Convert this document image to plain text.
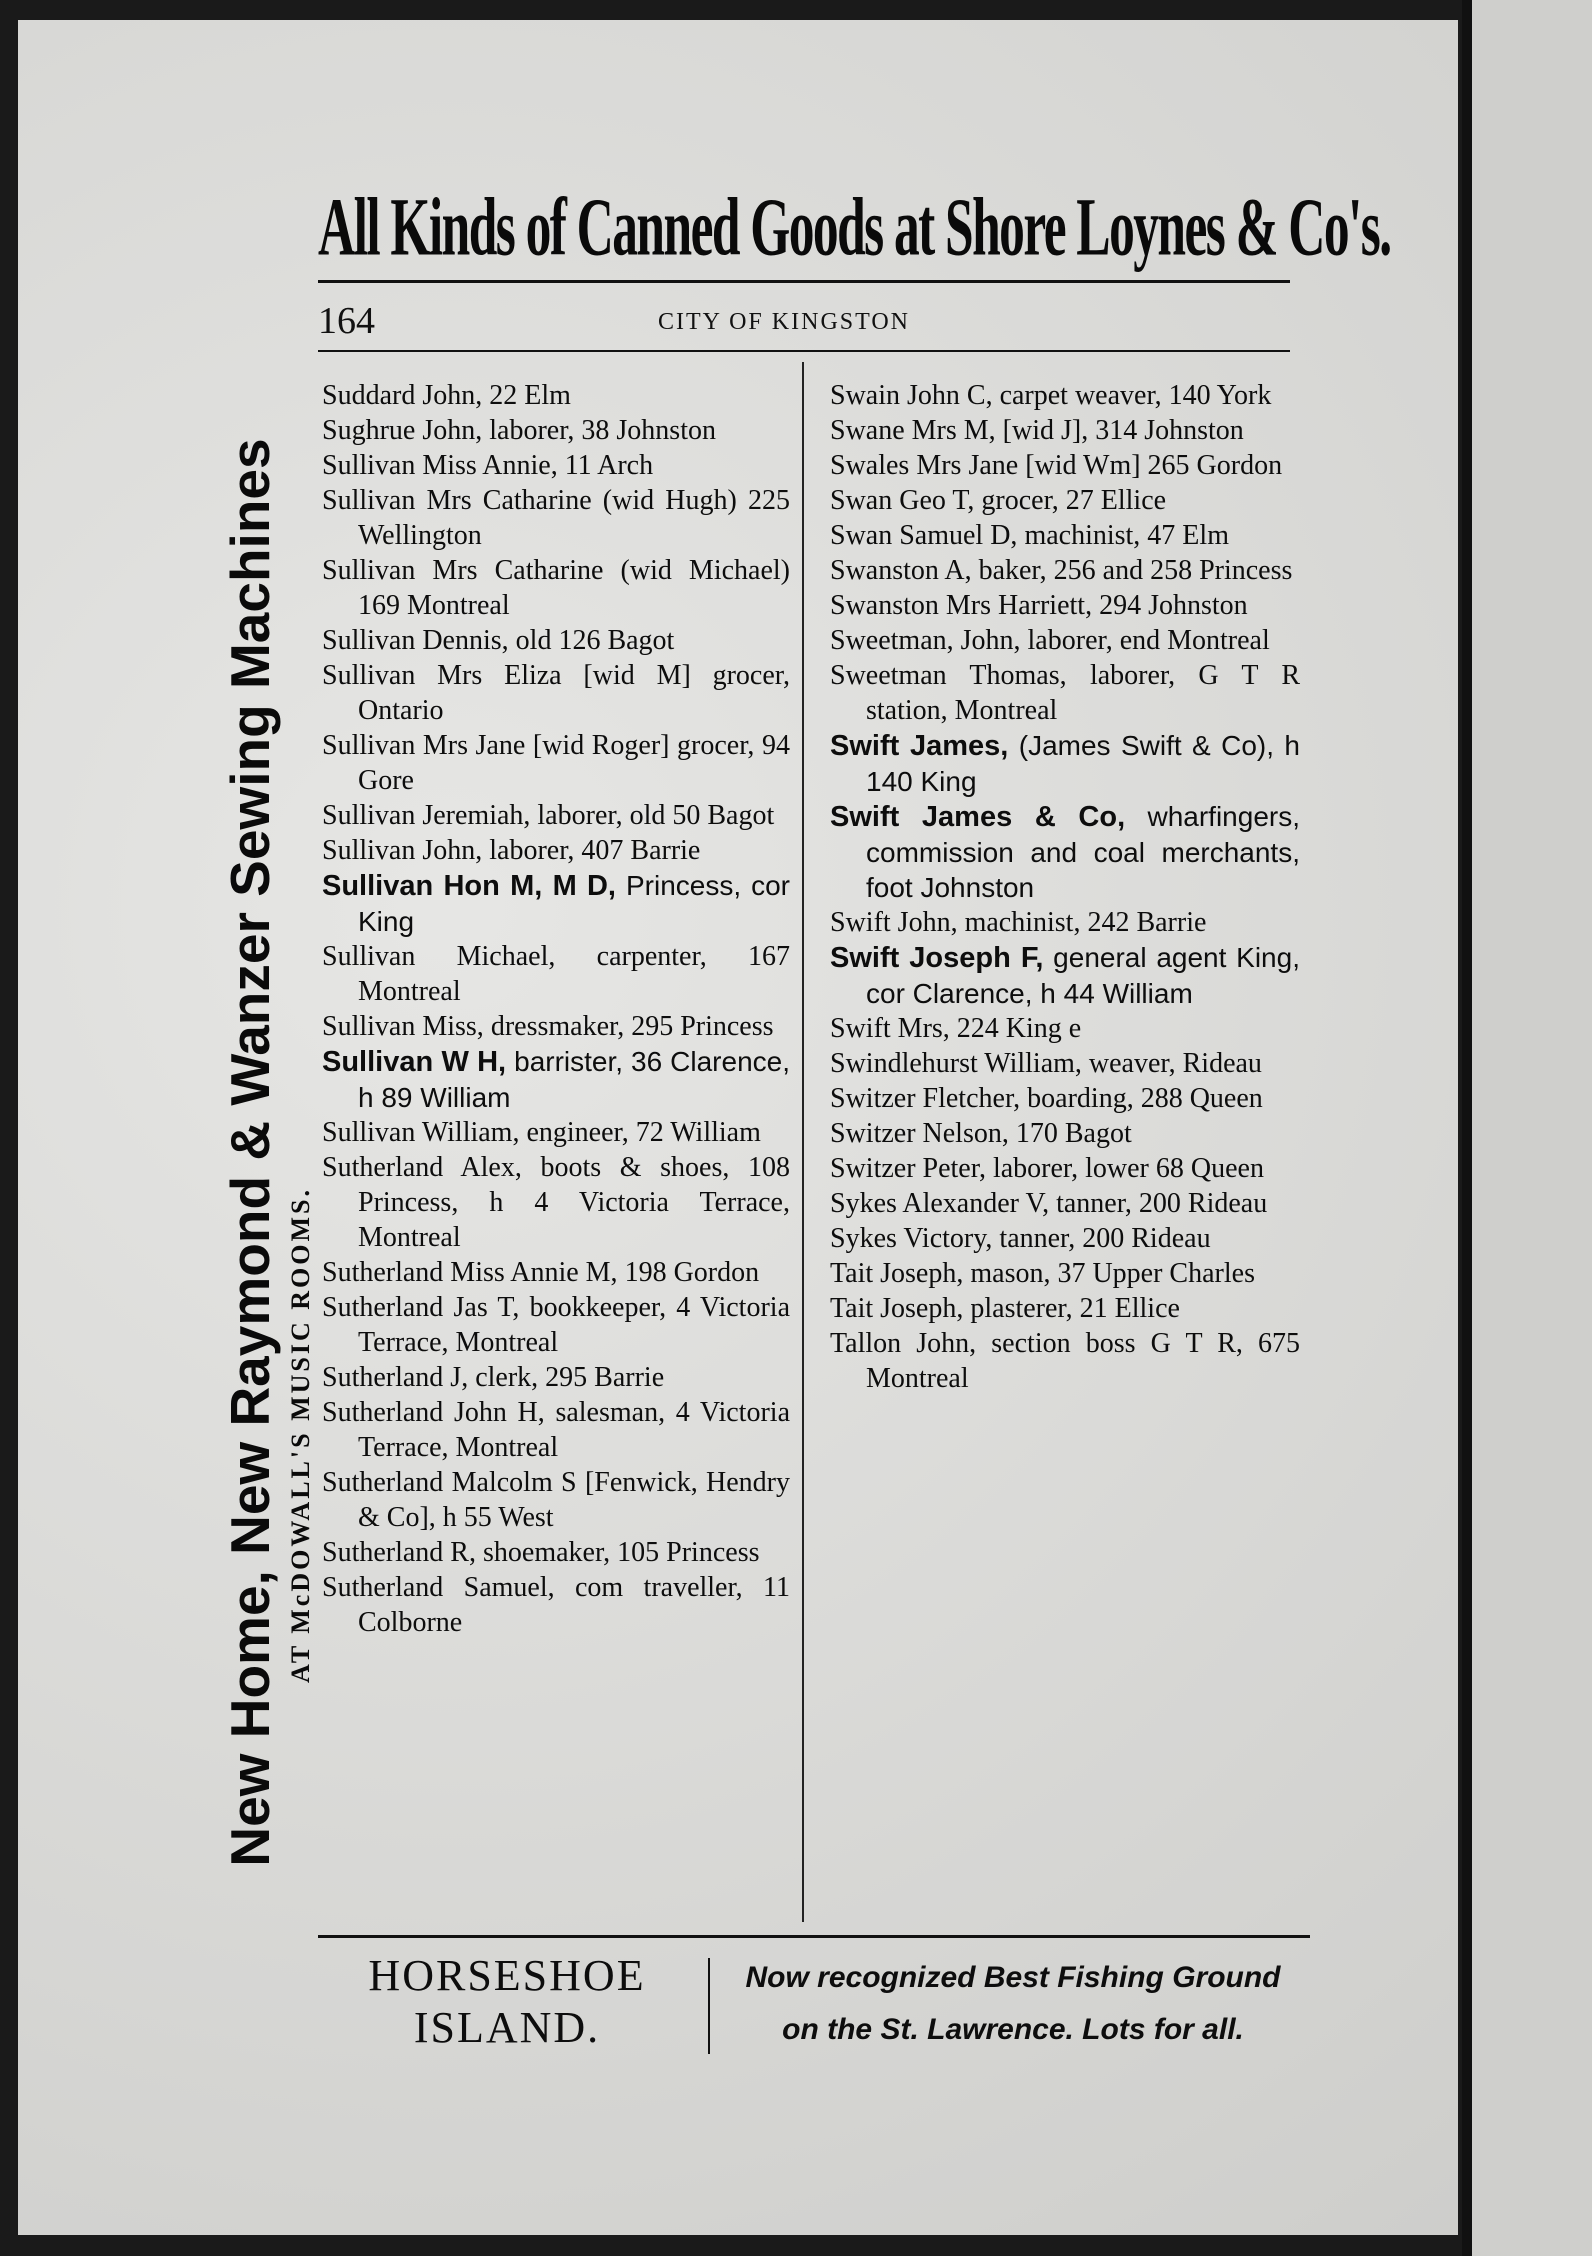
All Kinds of Canned Goods at Shore Loynes & Co's.
164	CITY OF KINGSTON
New Home, New Raymond & Wanzer Sewing Machines AT McDOWALL'S MUSIC ROOMS.

Suddard John, 22 Elm

Sughrue John, laborer, 38 Johnston

Sullivan Miss Annie, 11 Arch

Sullivan Mrs Catharine (wid Hugh) 225 Wellington

Sullivan Mrs Catharine (wid Michael) 169 Montreal

Sullivan Dennis, old 126 Bagot

Sullivan Mrs Eliza [wid M] grocer, Ontario

Sullivan Mrs Jane [wid Roger] grocer, 94 Gore

Sullivan Jeremiah, laborer, old 50 Bagot

Sullivan John, laborer, 407 Barrie

Sullivan Hon M, M D, Princess, cor King

Sullivan Michael, carpenter, 167 Montreal

Sullivan Miss, dressmaker, 295 Princess

Sullivan W H, barrister, 36 Clarence, h 89 William

Sullivan William, engineer, 72 William

Sutherland Alex, boots & shoes, 108 Princess, h 4 Victoria Terrace, Montreal

Sutherland Miss Annie M, 198 Gordon

Sutherland Jas T, bookkeeper, 4 Victoria Terrace, Montreal

Sutherland J, clerk, 295 Barrie

Sutherland John H, salesman, 4 Victoria Terrace, Montreal

Sutherland Malcolm S [Fenwick, Hendry & Co], h 55 West

Sutherland R, shoemaker, 105 Princess

Sutherland Samuel, com traveller, 11 Colborne

Swain John C, carpet weaver, 140 York

Swane Mrs M, [wid J], 314 Johnston

Swales Mrs Jane [wid Wm] 265 Gordon

Swan Geo T, grocer, 27 Ellice

Swan Samuel D, machinist, 47 Elm

Swanston A, baker, 256 and 258 Princess

Swanston Mrs Harriett, 294 Johnston

Sweetman, John, laborer, end Montreal

Sweetman Thomas, laborer, G T R station, Montreal

Swift James, (James Swift & Co), h 140 King

Swift James & Co, wharfingers, commission and coal merchants, foot Johnston

Swift John, machinist, 242 Barrie

Swift Joseph F, general agent King, cor Clarence, h 44 William

Swift Mrs, 224 King e

Swindlehurst William, weaver, Rideau

Switzer Fletcher, boarding, 288 Queen

Switzer Nelson, 170 Bagot

Switzer Peter, laborer, lower 68 Queen

Sykes Alexander V, tanner, 200 Rideau

Sykes Victory, tanner, 200 Rideau

Tait Joseph, mason, 37 Upper Charles

Tait Joseph, plasterer, 21 Ellice

Tallon John, section boss G T R, 675 Montreal

HORSESHOE
ISLAND.
Now recognized Best Fishing Ground
on the St. Lawrence. Lots for all.
